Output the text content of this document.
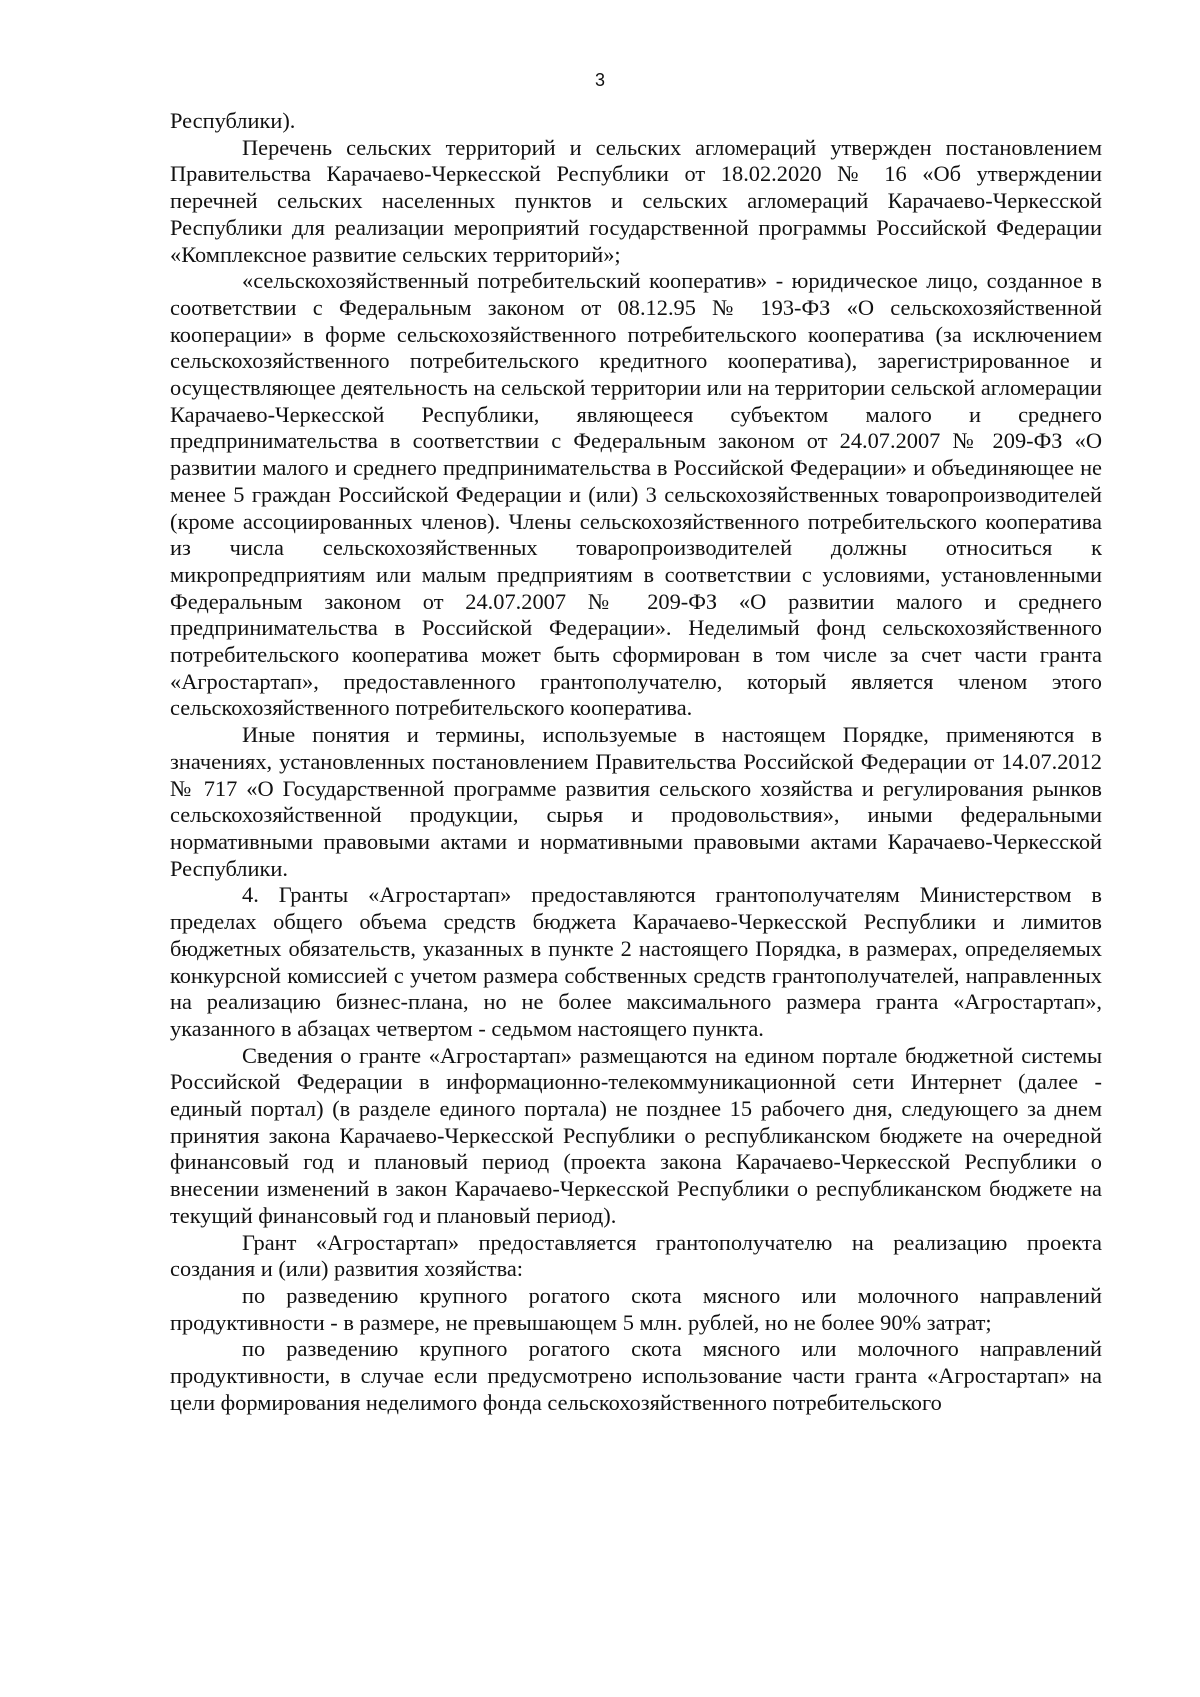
3

Республики).

Перечень сельских территорий и сельских агломераций утвержден постановлением Правительства Карачаево-Черкесской Республики от 18.02.2020 № 16 «Об утверждении перечней сельских населенных пунктов и сельских агломераций Карачаево-Черкесской Республики для реализации мероприятий государственной программы Российской Федерации «Комплексное развитие сельских территорий»;

«сельскохозяйственный потребительский кооператив» - юридическое лицо, созданное в соответствии с Федеральным законом от 08.12.95 № 193-ФЗ «О сельскохозяйственной кооперации» в форме сельскохозяйственного потребительского кооператива (за исключением сельскохозяйственного потребительского кредитного кооператива), зарегистрированное и осуществляющее деятельность на сельской территории или на территории сельской агломерации Карачаево-Черкесской Республики, являющееся субъектом малого и среднего предпринимательства в соответствии с Федеральным законом от 24.07.2007 № 209-ФЗ «О развитии малого и среднего предпринимательства в Российской Федерации» и объединяющее не менее 5 граждан Российской Федерации и (или) 3 сельскохозяйственных товаропроизводителей (кроме ассоциированных членов). Члены сельскохозяйственного потребительского кооператива из числа сельскохозяйственных товаропроизводителей должны относиться к микропредприятиям или малым предприятиям в соответствии с условиями, установленными Федеральным законом от 24.07.2007 № 209-ФЗ «О развитии малого и среднего предпринимательства в Российской Федерации». Неделимый фонд сельскохозяйственного потребительского кооператива может быть сформирован в том числе за счет части гранта «Агростартап», предоставленного грантополучателю, который является членом этого сельскохозяйственного потребительского кооператива.

Иные понятия и термины, используемые в настоящем Порядке, применяются в значениях, установленных постановлением Правительства Российской Федерации от 14.07.2012 № 717 «О Государственной программе развития сельского хозяйства и регулирования рынков сельскохозяйственной продукции, сырья и продовольствия», иными федеральными нормативными правовыми актами и нормативными правовыми актами Карачаево-Черкесской Республики.

4. Гранты «Агростартап» предоставляются грантополучателям Министерством в пределах общего объема средств бюджета Карачаево-Черкесской Республики и лимитов бюджетных обязательств, указанных в пункте 2 настоящего Порядка, в размерах, определяемых конкурсной комиссией с учетом размера собственных средств грантополучателей, направленных на реализацию бизнес-плана, но не более максимального размера гранта «Агростартап», указанного в абзацах четвертом - седьмом настоящего пункта.

Сведения о гранте «Агростартап» размещаются на едином портале бюджетной системы Российской Федерации в информационно-телекоммуникационной сети Интернет (далее - единый портал) (в разделе единого портала) не позднее 15 рабочего дня, следующего за днем принятия закона Карачаево-Черкесской Республики о республиканском бюджете на очередной финансовый год и плановый период (проекта закона Карачаево-Черкесской Республики о внесении изменений в закон Карачаево-Черкесской Республики о республиканском бюджете на текущий финансовый год и плановый период).

Грант «Агростартап» предоставляется грантополучателю на реализацию проекта создания и (или) развития хозяйства:

по разведению крупного рогатого скота мясного или молочного направлений продуктивности - в размере, не превышающем 5 млн. рублей, но не более 90% затрат;

по разведению крупного рогатого скота мясного или молочного направлений продуктивности, в случае если предусмотрено использование части гранта «Агростартап» на цели формирования неделимого фонда сельскохозяйственного потребительского
